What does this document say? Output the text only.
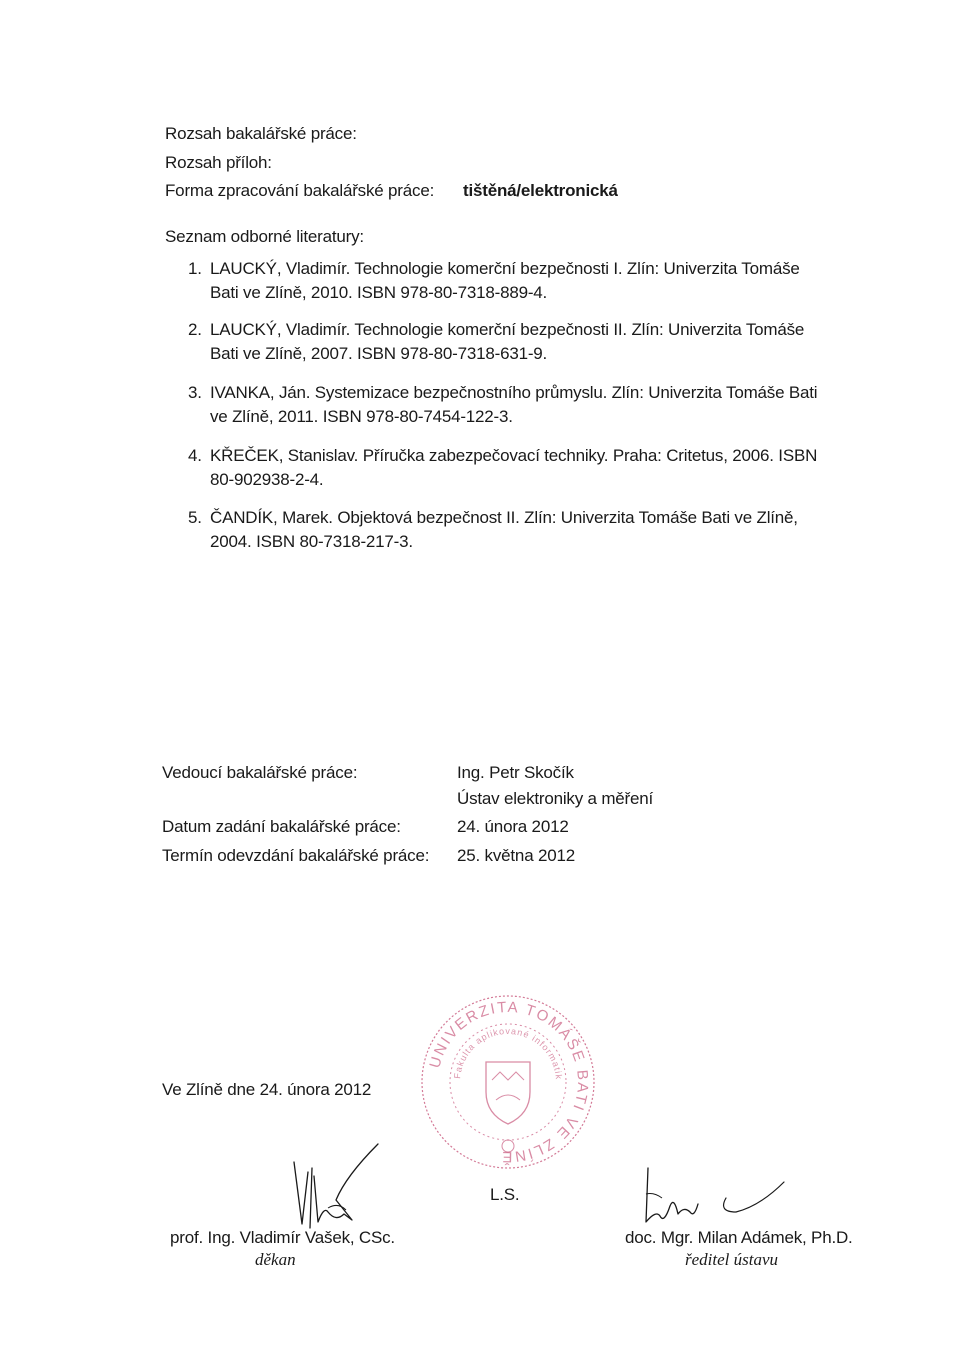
Rozsah bakalářské práce:
Rozsah příloh:
Forma zpracování bakalářské práce: tištěná/elektronická
Seznam odborné literatury:
1. LAUCKÝ, Vladimír. Technologie komerční bezpečnosti I. Zlín: Univerzita Tomáše
Bati ve Zlíně, 2010. ISBN 978-80-7318-889-4.
2. LAUCKÝ, Vladimír. Technologie komerční bezpečnosti II. Zlín: Univerzita Tomáše
Bati ve Zlíně, 2007. ISBN 978-80-7318-631-9.
3. IVANKA, Ján. Systemizace bezpečnostního průmyslu. Zlín: Univerzita Tomáše Bati
ve Zlíně, 2011. ISBN 978-80-7454-122-3.
4. KŘEČEK, Stanislav. Příručka zabezpečovací techniky. Praha: Critetus, 2006. ISBN
80-902938-2-4.
5. ČANDÍK, Marek. Objektová bezpečnost II. Zlín: Univerzita Tomáše Bati ve Zlíně,
2004. ISBN 80-7318-217-3.
Vedoucí bakalářské práce:	Ing. Petr Skočík
Ústav elektroniky a měření
Datum zadání bakalářské práce:	24. února 2012
Termín odevzdání bakalářské práce: 25. května 2012
UNIVERZITA TOMÁŠE BATI VE ZLÍNĚ
Fakulta aplikované informatiky
Ve Zlíně dne 24. února 2012
L.S.
prof. Ing. Vladimír Vašek, CSc.
děkan
doc. Mgr. Milan Adámek, Ph.D.
ředitel ústavu
